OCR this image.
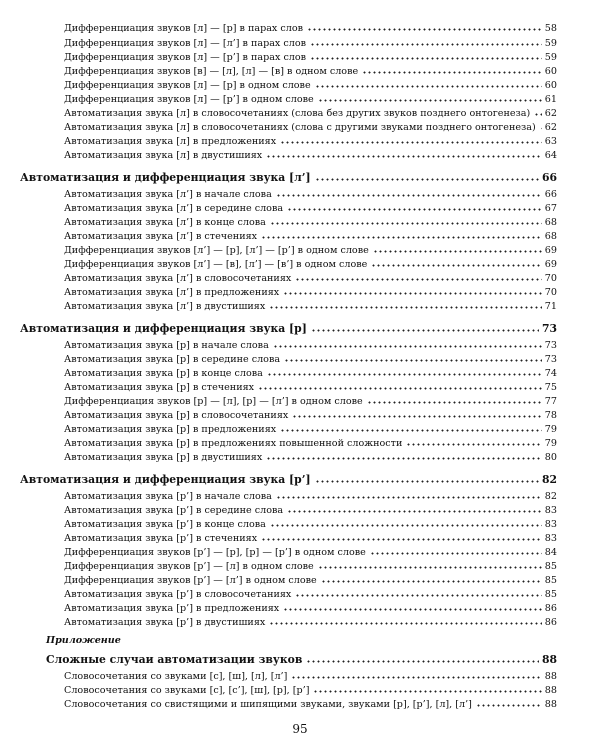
Дифференциация звуков [л] — [р] в парах слов	58
Дифференциация звуков [л] — [л’] в парах слов	59
Дифференциация звуков [л] — [р’] в парах слов	59
Дифференциация звуков [в] — [л], [л] — [в] в одном слове	60
Дифференциация звуков [л] — [р] в одном слове	60
Дифференциация звуков [л] — [р’] в одном слове	61
Автоматизация звука [л] в словосочетаниях (слова без других звуков позднего онтогенеза) 62
Автоматизация звука [л] в словосочетаниях (слова с другими звуками позднего онтогенеза) 62
Автоматизация звука [л] в предложениях	63
Автоматизация звука [л] в двустишиях	64
Автоматизация и дифференциация звука [л’]	66
Автоматизация звука [л’] в начале слова	66
Автоматизация звука [л’] в середине слова	67
Автоматизация звука [л’] в конце слова	68
Автоматизация звука [л’] в стечениях	68
Дифференциация звуков [л’] — [р], [л’] — [р’] в одном слове	69
Дифференциация звуков [л’] — [в], [л’] — [в’] в одном слове	69
Автоматизация звука [л’] в словосочетаниях	70
Автоматизация звука [л’] в предложениях	70
Автоматизация звука [л’] в двустишиях	71
Автоматизация и дифференциация звука [р]	73
Автоматизация звука [р] в начале слова	73
Автоматизация звука [р] в середине слова	73
Автоматизация звука [р] в конце слова	74
Автоматизация звука [р] в стечениях	75
Дифференциация звуков [р] — [л], [р] — [л’] в одном слове	77
Автоматизация звука [р] в словосочетаниях	78
Автоматизация звука [р] в предложениях	79
Автоматизация звука [р] в предложениях повышенной сложности	79
Автоматизация звука [р] в двустишиях	80
Автоматизация и дифференциация звука [р’]	82
Автоматизация звука [р’] в начале слова	82
Автоматизация звука [р’] в середине слова	83
Автоматизация звука [р’] в конце слова	83
Автоматизация звука [р’] в стечениях	83
Дифференциация звуков [р’] — [р], [р] — [р’] в одном слове	84
Дифференциация звуков [р’] — [л] в одном слове	85
Дифференциация звуков [р’] — [л’] в одном слове	85
Автоматизация звука [р’] в словосочетаниях	85
Автоматизация звука [р’] в предложениях	86
Автоматизация звука [р’] в двустишиях	86
Приложение
Сложные случаи автоматизации звуков	88
Словосочетания со звуками [с], [ш], [л], [л’]	88
Словосочетания со звуками [с], [с’], [ш], [р], [р’]	88
Словосочетания со свистящими и шипящими звуками, звуками [р], [р’], [л], [л’]	88
95
